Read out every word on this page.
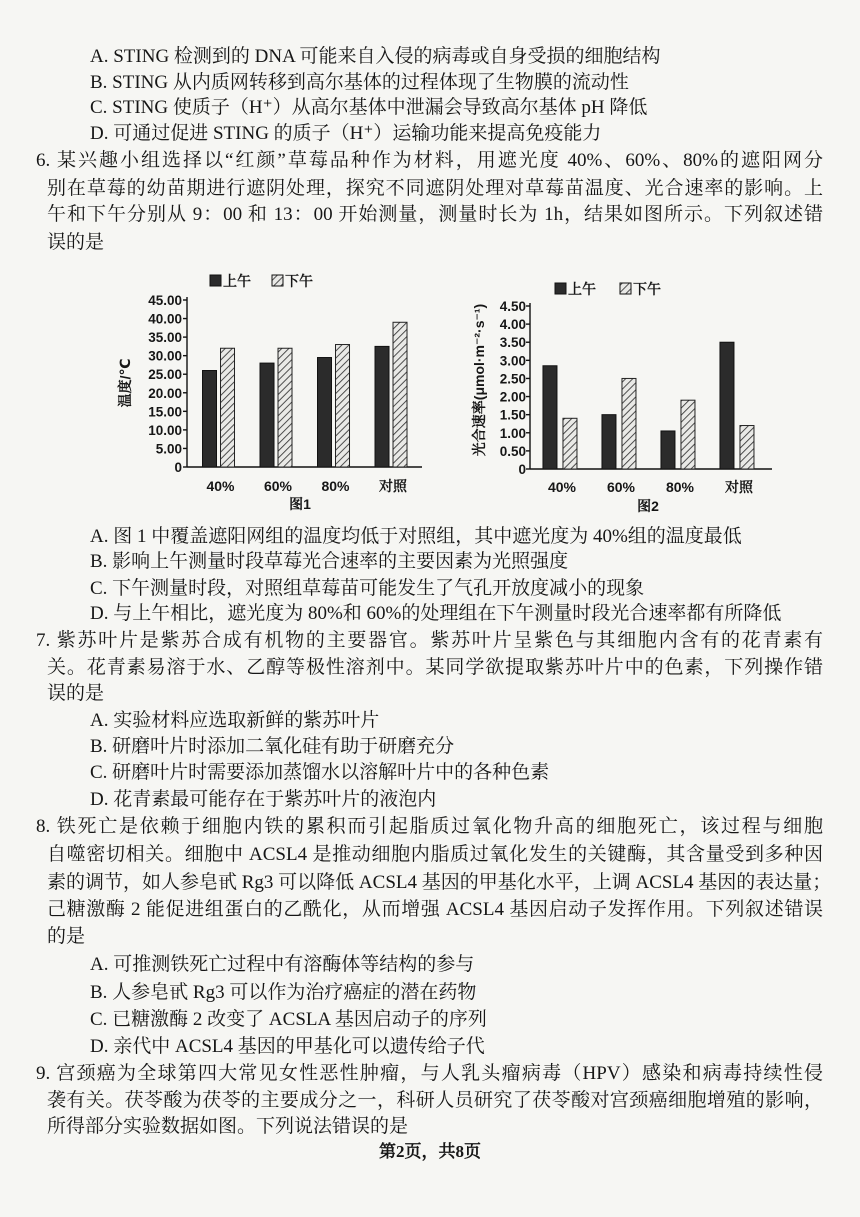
A. STING 检测到的 DNA 可能来自入侵的病毒或自身受损的细胞结构
B. STING 从内质网转移到高尔基体的过程体现了生物膜的流动性
C. STING 使质子（H⁺）从高尔基体中泄漏会导致高尔基体 pH 降低
D. 可通过促进 STING 的质子（H⁺）运输功能来提高免疫能力
6. 某兴趣小组选择以“红颜”草莓品种作为材料，用遮光度 40%、60%、80%的遮阳网分
别在草莓的幼苗期进行遮阴处理，探究不同遮阴处理对草莓苗温度、光合速率的影响。上
午和下午分别从 9：00 和 13：00 开始测量，测量时长为 1h，结果如图所示。下列叙述错
误的是
0
5.00
10.00
15.00
20.00
25.00
30.00
35.00
40.00
45.00
40% 60% 80% 对照
上午 下午
温度/℃
图1
0
0.50
1.00
1.50
2.00
2.50
3.00
3.50
4.00
4.50
40% 60% 80% 对照
上午	下午
光合速率(μmol·m⁻²·s⁻¹)
图2
A. 图 1 中覆盖遮阳网组的温度均低于对照组，其中遮光度为 40%组的温度最低
B. 影响上午测量时段草莓光合速率的主要因素为光照强度
C. 下午测量时段，对照组草莓苗可能发生了气孔开放度减小的现象
D. 与上午相比，遮光度为 80%和 60%的处理组在下午测量时段光合速率都有所降低
7. 紫苏叶片是紫苏合成有机物的主要器官。紫苏叶片呈紫色与其细胞内含有的花青素有
关。花青素易溶于水、乙醇等极性溶剂中。某同学欲提取紫苏叶片中的色素，下列操作错
误的是
A. 实验材料应选取新鲜的紫苏叶片
B. 研磨叶片时添加二氧化硅有助于研磨充分
C. 研磨叶片时需要添加蒸馏水以溶解叶片中的各种色素
D. 花青素最可能存在于紫苏叶片的液泡内
8. 铁死亡是依赖于细胞内铁的累积而引起脂质过氧化物升高的细胞死亡，该过程与细胞
自噬密切相关。细胞中 ACSL4 是推动细胞内脂质过氧化发生的关键酶，其含量受到多种因
素的调节，如人参皂甙 Rg3 可以降低 ACSL4 基因的甲基化水平，上调 ACSL4 基因的表达量；
己糖激酶 2 能促进组蛋白的乙酰化，从而增强 ACSL4 基因启动子发挥作用。下列叙述错误
的是
A. 可推测铁死亡过程中有溶酶体等结构的参与
B. 人参皂甙 Rg3 可以作为治疗癌症的潜在药物
C. 已糖激酶 2 改变了 ACSLA 基因启动子的序列
D. 亲代中 ACSL4 基因的甲基化可以遗传给子代
9. 宫颈癌为全球第四大常见女性恶性肿瘤，与人乳头瘤病毒（HPV）感染和病毒持续性侵
袭有关。茯苓酸为茯苓的主要成分之一，科研人员研究了茯苓酸对宫颈癌细胞增殖的影响，
所得部分实验数据如图。下列说法错误的是
第2页，共8页
